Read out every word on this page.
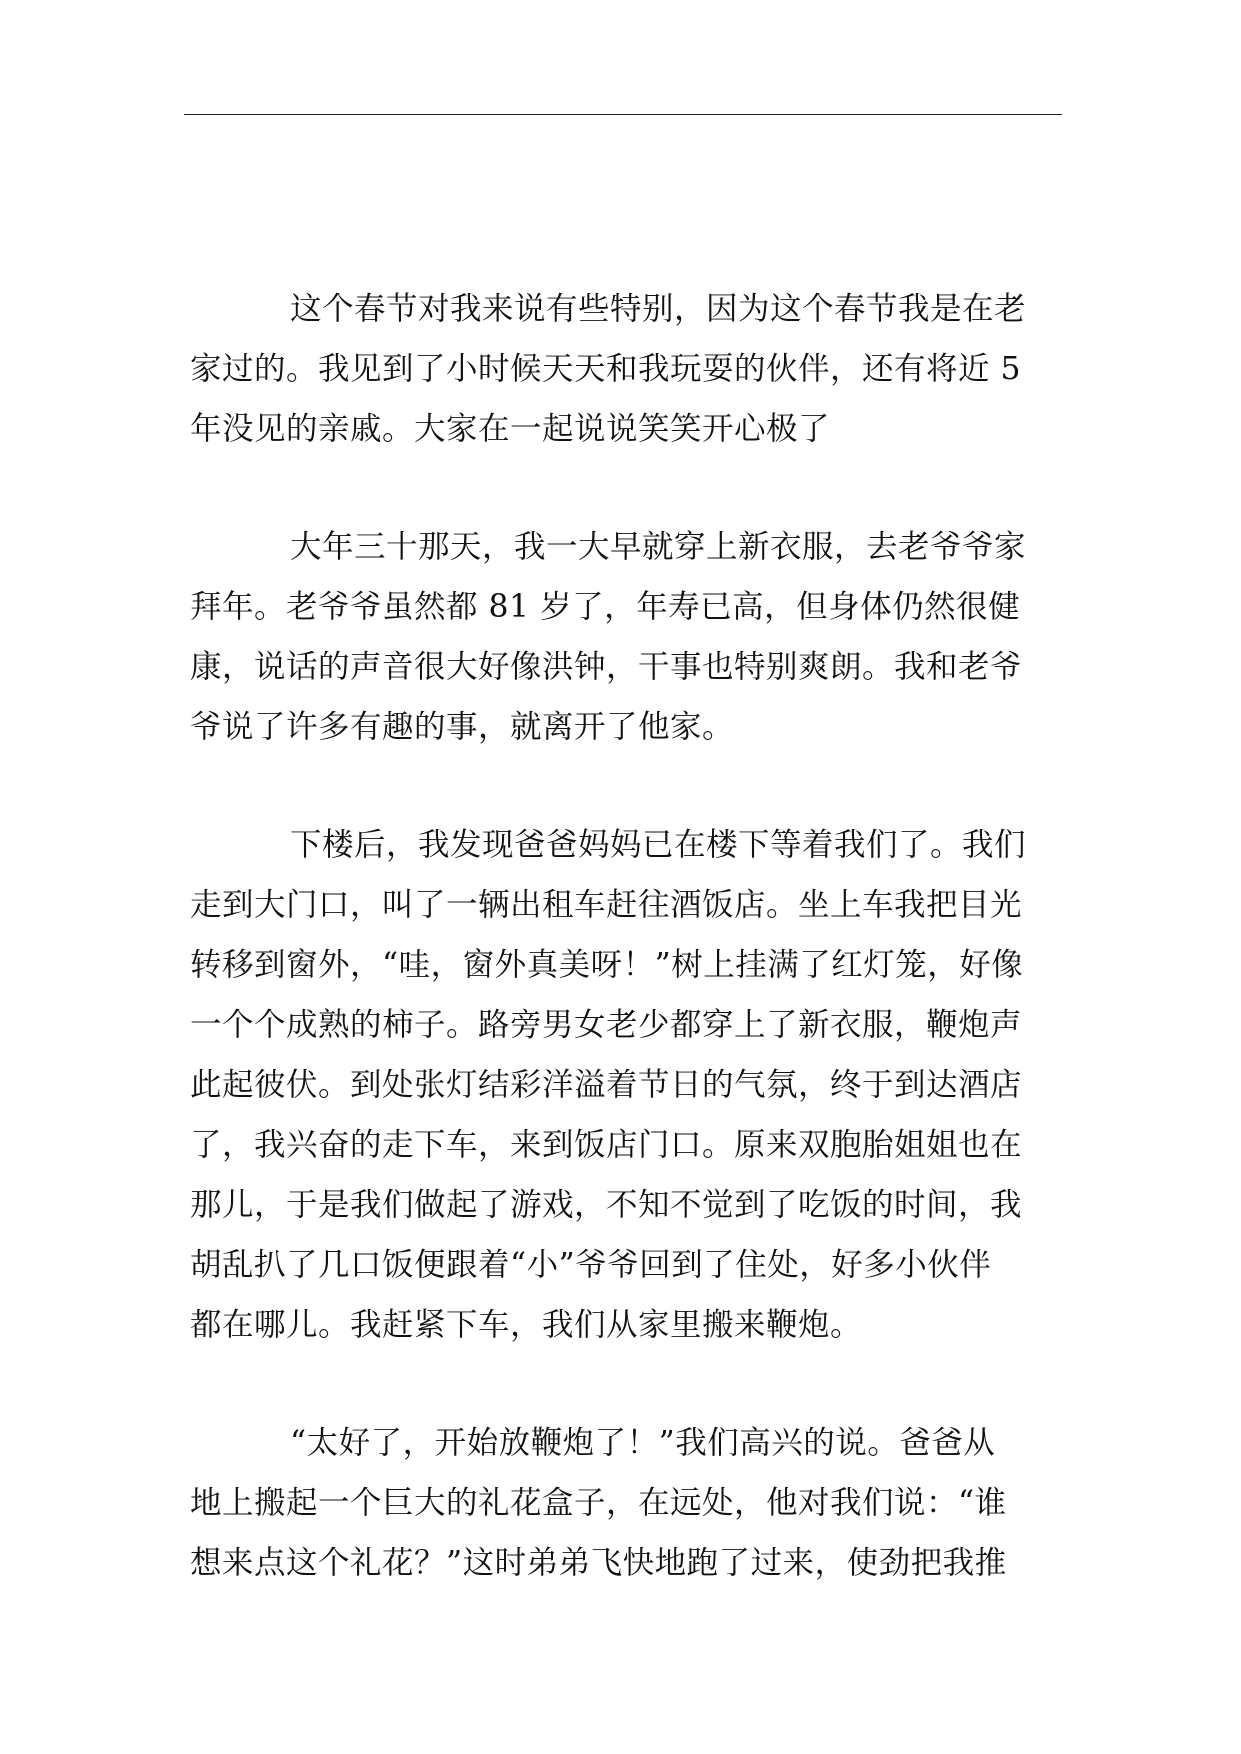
这个春节对我来说有些特别，因为这个春节我是在老
家过的。我见到了小时候天天和我玩耍的伙伴，还有将近 5
年没见的亲戚。大家在一起说说笑笑开心极了
大年三十那天，我一大早就穿上新衣服，去老爷爷家
拜年。老爷爷虽然都 81 岁了，年寿已高，但身体仍然很健
康，说话的声音很大好像洪钟，干事也特别爽朗。我和老爷
爷说了许多有趣的事，就离开了他家。
下楼后，我发现爸爸妈妈已在楼下等着我们了。我们
走到大门口，叫了一辆出租车赶往酒饭店。坐上车我把目光
转移到窗外，“哇，窗外真美呀！”树上挂满了红灯笼，好像
一个个成熟的柿子。路旁男女老少都穿上了新衣服，鞭炮声
此起彼伏。到处张灯结彩洋溢着节日的气氛，终于到达酒店
了，我兴奋的走下车，来到饭店门口。原来双胞胎姐姐也在
那儿，于是我们做起了游戏，不知不觉到了吃饭的时间，我
胡乱扒了几口饭便跟着“小”爷爷回到了住处，好多小伙伴
都在哪儿。我赶紧下车，我们从家里搬来鞭炮。
“太好了，开始放鞭炮了！”我们高兴的说。爸爸从
地上搬起一个巨大的礼花盒子，在远处，他对我们说：“谁
想来点这个礼花？”这时弟弟飞快地跑了过来，使劲把我推
